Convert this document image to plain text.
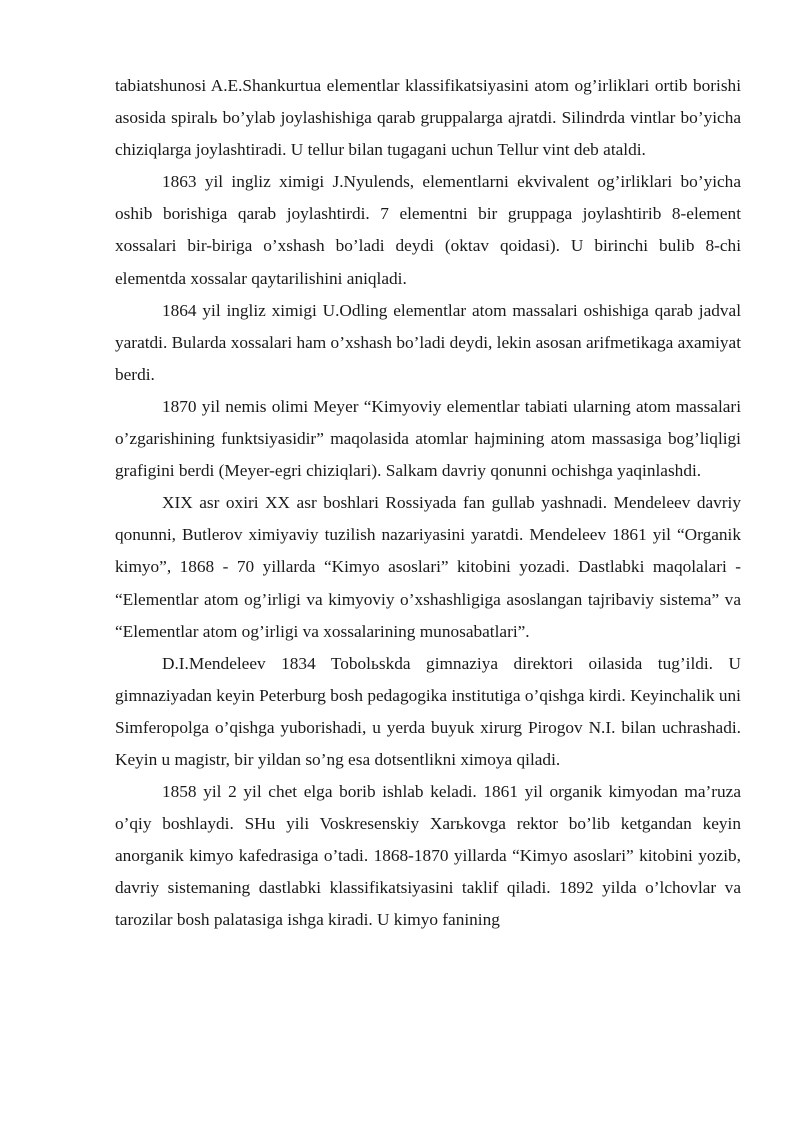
tabiatshunosi A.E.Shankurtua elementlar klassifikatsiyasini atom og’irliklari ortib borishi asosida spiralь bo’ylab joylashishiga qarab gruppalarga ajratdi. Silindrda vintlar bo’yicha chiziqlarga joylashtiradi. U tellur bilan tugagani uchun Tellur vint deb ataldi.

1863 yil ingliz ximigi J.Nyulends, elementlarni ekvivalent og’irliklari bo’yicha oshib borishiga qarab joylashtirdi. 7 elementni bir gruppaga joylashtirib 8-element xossalari bir-biriga o’xshash bo’ladi deydi (oktav qoidasi). U birinchi bulib 8-chi elementda xossalar qaytarilishini aniqladi.

1864 yil ingliz ximigi U.Odling elementlar atom massalari oshishiga qarab jadval yaratdi. Bularda xossalari ham o’xshash bo’ladi deydi, lekin asosan arifmetikaga axamiyat berdi.

1870 yil nemis olimi Meyer “Kimyoviy elementlar tabiati ularning atom massalari o’zgarishining funktsiyasidir” maqolasida atomlar hajmining atom massasiga bog’liqligi grafigini berdi (Meyer-egri chiziqlari). Salkam davriy qonunni ochishga yaqinlashdi.

XIX asr oxiri XX asr boshlari Rossiyada fan gullab yashnadi. Mendeleev davriy qonunni, Butlerov ximiyaviy tuzilish nazariyasini yaratdi. Mendeleev 1861 yil “Organik kimyo”, 1868 - 70 yillarda “Kimyo asoslari” kitobini yozadi. Dastlabki maqolalari - “Elementlar atom og’irligi va kimyoviy o’xshashligiga asoslangan tajribaviy sistema” va “Elementlar atom og’irligi va xossalarining munosabatlari”.

D.I.Mendeleev 1834 Tobolьskda gimnaziya direktori oilasida tug’ildi. U gimnaziyadan keyin Peterburg bosh pedagogika institutiga o’qishga kirdi. Keyinchalik uni Simferopolga o’qishga yuborishadi, u yerda buyuk xirurg Pirogov N.I. bilan uchrashadi. Keyin u magistr, bir yildan so’ng esa dotsentlikni ximoya qiladi.

1858 yil 2 yil chet elga borib ishlab keladi. 1861 yil organik kimyodan ma’ruza o’qiy boshlaydi. SHu yili Voskresenskiy Xarьkovga rektor bo’lib ketgandan keyin anorganik kimyo kafedrasiga o’tadi. 1868-1870 yillarda “Kimyo asoslari” kitobini yozib, davriy sistemaning dastlabki klassifikatsiyasini taklif qiladi. 1892 yilda o’lchovlar va tarozilar bosh palatasiga ishga kiradi. U kimyo fanining
